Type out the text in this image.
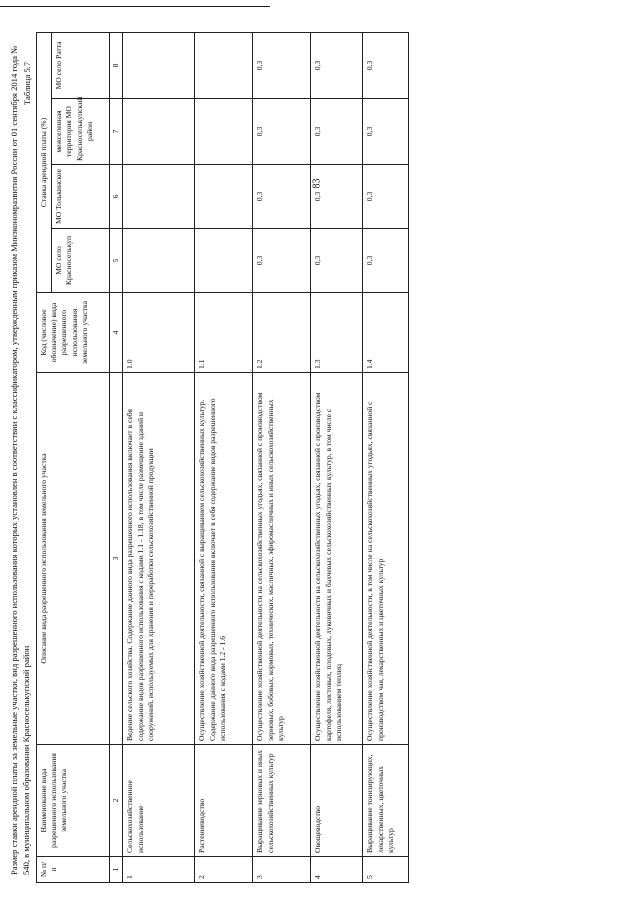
83
Размер ставки арендной платы за земельные участки, вид разрешенного использования которых установлен в соответствии с классификатором, утвержденным приказом Минэкономразвития России от 01 сентября 2014 года № 540, в муниципальном образовании Красноселькупский район
Таблица 5.7
№ п/п	Наименование вида разрешенного использования земельного участка	Описание вида разрешенного использования земельного участка	Код (числовое обозначение) вида разрешенного использования земельного участка	Ставка арендной платы (%)			
				МО село Красноселькуп	МО Толькинское	межселенная территория МО Красноселькупский район	МО село Ратта
1	2	3	4	5	6	7	8
1	Сельскохозяйственное использование	Ведение сельского хозяйства. Содержание данного вида разрешенного использования включает в себя содержание видов разрешенного использования с кодами 1.1 - 1.18, в том числе размещение зданий и сооружений, используемых для хранения и переработки сельскохозяйственной продукции	1.0				
2	Растениеводство	Осуществление хозяйственной деятельности, связанной с выращиванием сельскохозяйственных культур. Содержание данного вида разрешенного использования включает в себя содержание видов разрешенного использования с кодами 1.2 - 1.6	1.1				
3	Выращивание зерновых и иных сельскохозяйственных культур	Осуществление хозяйственной деятельности на сельскохозяйственных угодьях, связанной с производством зерновых, бобовых, кормовых, технических, масличных, эфиромасличных и иных сельскохозяйственных культур	1.2	0,3	0,3	0,3	0,3
4	Овощеводство	Осуществление хозяйственной деятельности на сельскохозяйственных угодьях, связанной с производством картофеля, листовых, плодовых, луковичных и бахчевых сельскохозяйственных культур, в том числе с использованием теплиц	1.3	0,3	0,3	0,3	0,3
5	Выращивание тонизирующих, лекарственных, цветочных культур	Осуществление хозяйственной деятельности, в том числе на сельскохозяйственных угодьях, связанной с производством чая, лекарственных и цветочных культур	1.4	0,3	0,3	0,3	0,3
